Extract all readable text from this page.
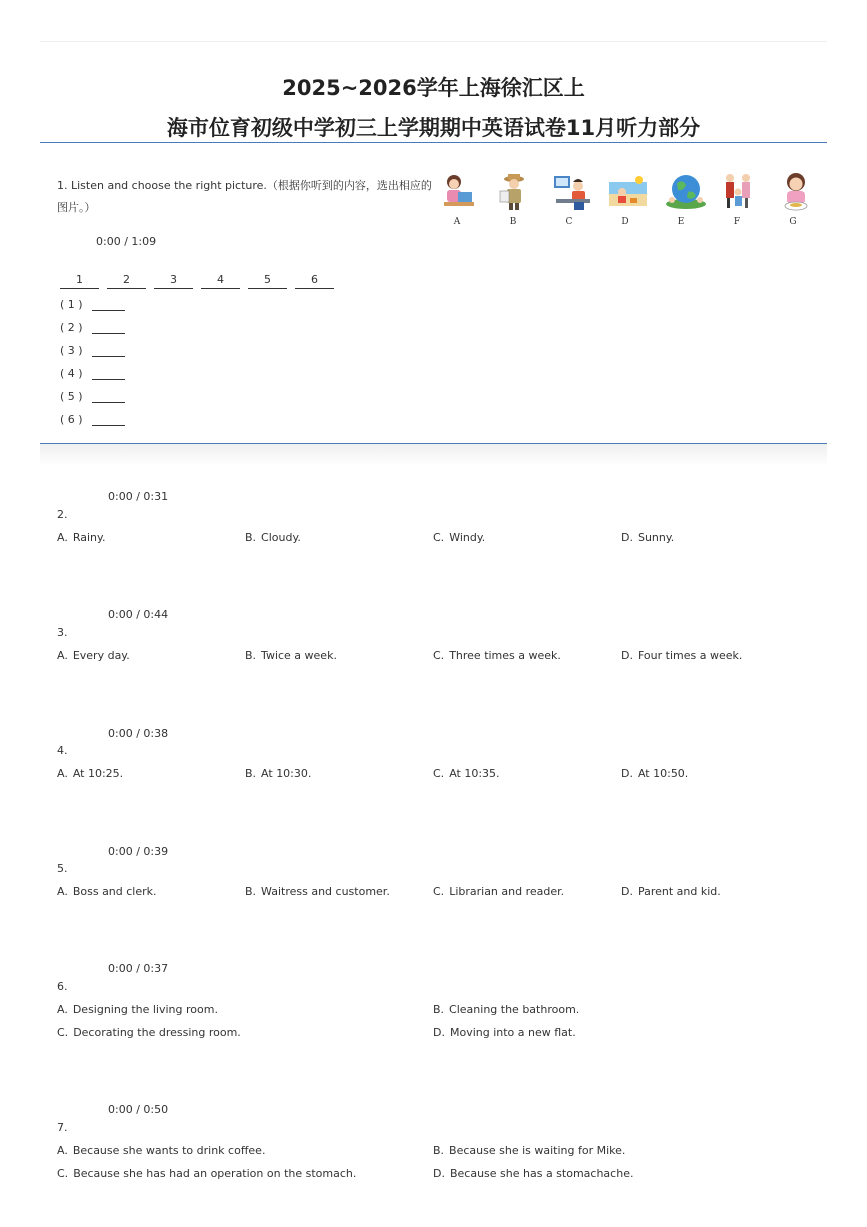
2025~2026学年上海徐汇区上
海市位育初级中学初三上学期期中英语试卷11月听力部分
1. Listen and choose the right picture.（根据你听到的内容，选出相应的图片。）
A	B	C	D	E	F	G
0:00 / 1:09
1	2	3	4	5	6
( 1 )
( 2 )
( 3 )
( 4 )
( 5 )
( 6 )
0:00 / 0:31
2.
A. Rainy.	B. Cloudy.	C. Windy.	D. Sunny.
0:00 / 0:44
3.
A. Every day.	B. Twice a week.	C. Three times a week.	D. Four times a week.
0:00 / 0:38
4.
A. At 10:25.	B. At 10:30.	C. At 10:35.	D. At 10:50.
0:00 / 0:39
5.
A. Boss and clerk.	B. Waitress and customer.	C. Librarian and reader.	D. Parent and kid.
0:00 / 0:37
6.
A. Designing the living room.	B. Cleaning the bathroom.
C. Decorating the dressing room.	D. Moving into a new flat.
0:00 / 0:50
7.
A. Because she wants to drink coffee.	B. Because she is waiting for Mike.
C. Because she has had an operation on the stomach.	D. Because she has a stomachache.
